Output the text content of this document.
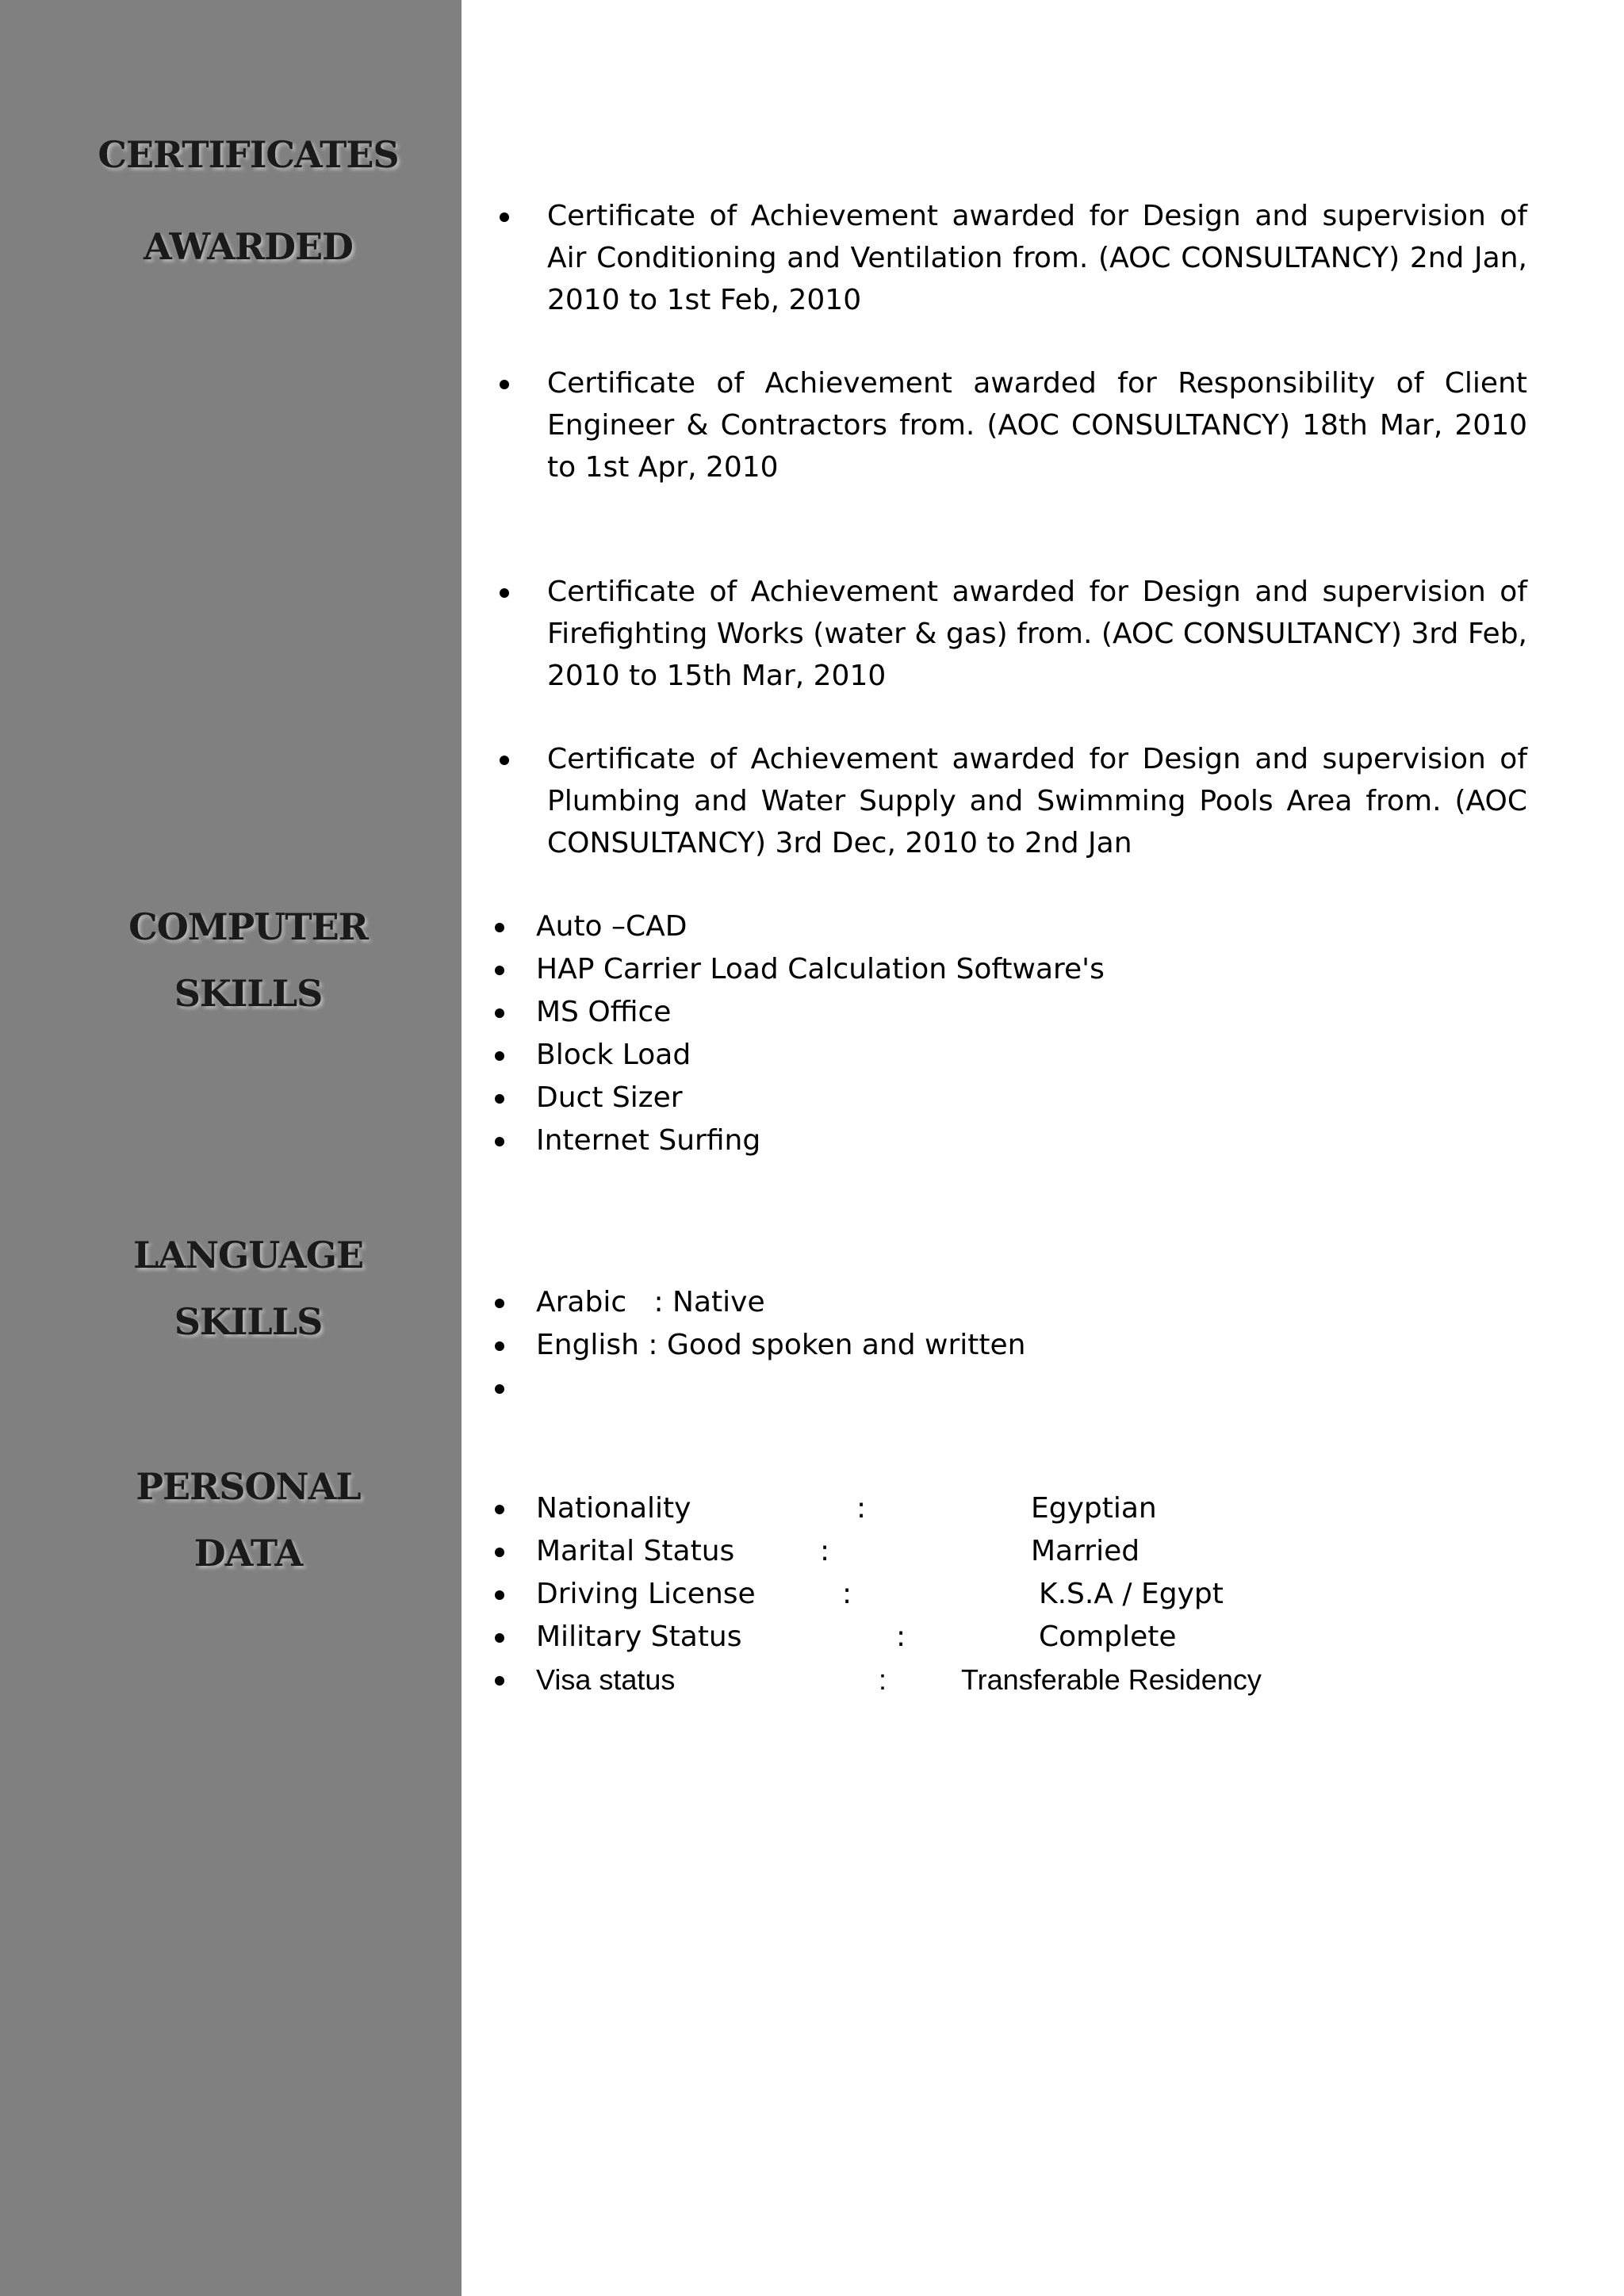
CERTIFICATES
AWARDED
Certificate of Achievement awarded for Design and supervision of Air Conditioning and Ventilation from. (AOC CONSULTANCY) 2nd Jan, 2010 to 1st Feb, 2010
Certificate of Achievement awarded for Responsibility of Client Engineer & Contractors from. (AOC CONSULTANCY) 18th Mar, 2010 to 1st Apr, 2010
Certificate of Achievement awarded for Design and supervision of Firefighting Works (water & gas) from. (AOC CONSULTANCY) 3rd Feb, 2010 to 15th Mar, 2010
Certificate of Achievement awarded for Design and supervision of Plumbing and Water Supply and Swimming Pools Area from. (AOC CONSULTANCY) 3rd Dec, 2010 to 2nd Jan
COMPUTER
SKILLS
Auto –CAD
HAP Carrier Load Calculation Software's
MS Office
Block Load
Duct Sizer
Internet Surfing
LANGUAGE
SKILLS	Arabic   : Native
English : Good spoken and written
PERSONAL
DATA
Nationality	:	Egyptian
Marital Status	:	Married
Driving License	:	K.S.A / Egypt
Military Status	:	Complete
Visa status	:	Transferable Residency
